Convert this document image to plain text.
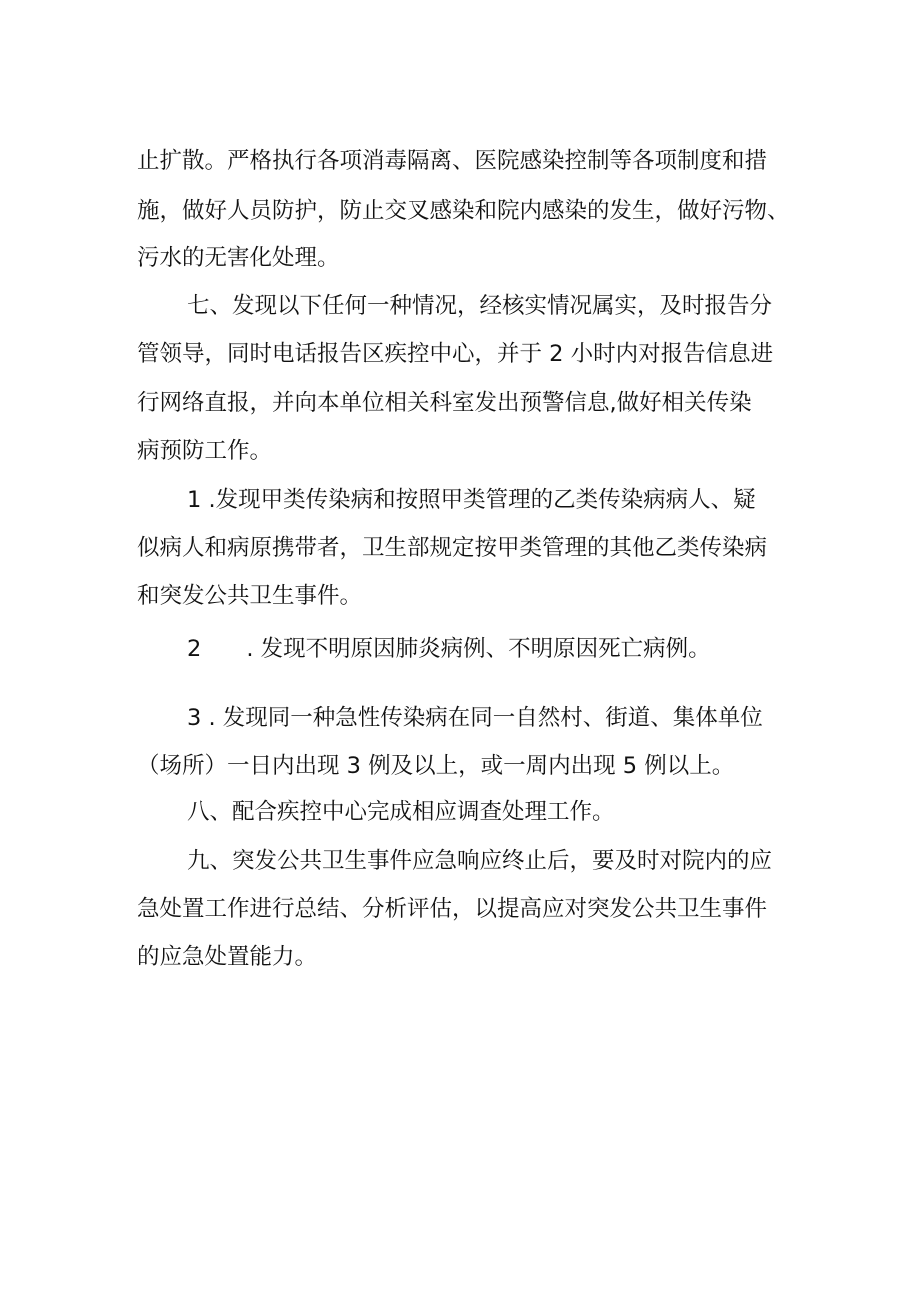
止扩散。严格执行各项消毒隔离、医院感染控制等各项制度和措
施，做好人员防护，防止交叉感染和院内感染的发生，做好污物、
污水的无害化处理。
七、发现以下任何一种情况，经核实情况属实，及时报告分
管领导，同时电话报告区疾控中心，并于 2 小时内对报告信息进
行网络直报，并向本单位相关科室发出预警信息,做好相关传染
病预防工作。
1 .发现甲类传染病和按照甲类管理的乙类传染病病人、疑
似病人和病原携带者，卫生部规定按甲类管理的其他乙类传染病
和突发公共卫生事件。
2　　. 发现不明原因肺炎病例、不明原因死亡病例。
3 . 发现同一种急性传染病在同一自然村、街道、集体单位
（场所）一日内出现 3 例及以上，或一周内出现 5 例以上。
八、配合疾控中心完成相应调查处理工作。
九、突发公共卫生事件应急响应终止后，要及时对院内的应
急处置工作进行总结、分析评估，以提高应对突发公共卫生事件
的应急处置能力。
